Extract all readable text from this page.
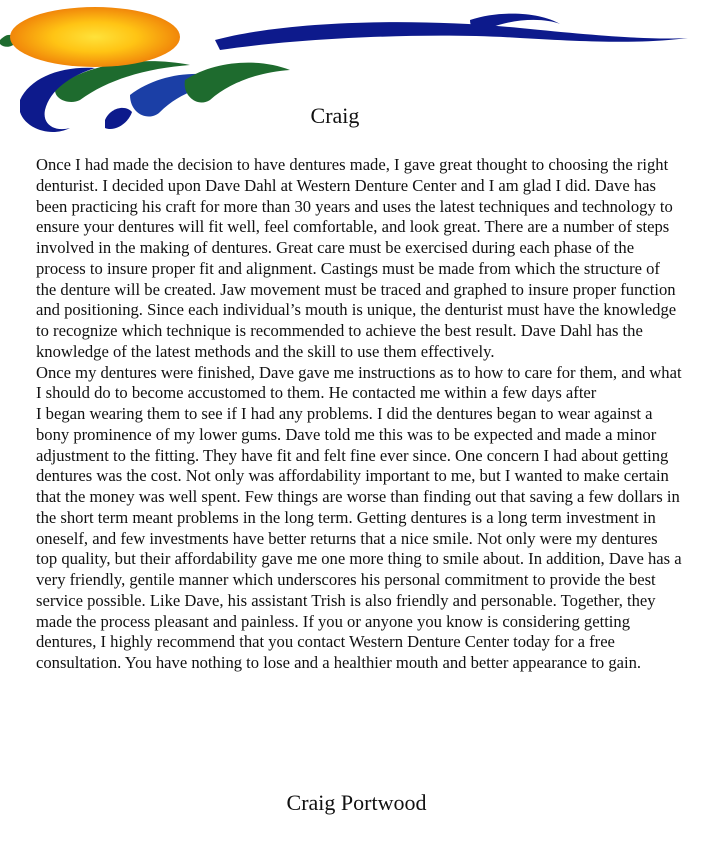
Craig

Once I had made the decision to have dentures made, I gave great thought to choosing the right denturist. I decided upon Dave Dahl at Western Denture Center and I am glad I did. Dave has been practicing his craft for more than 30 years and uses the latest techniques and technology to ensure your dentures will fit well, feel comfortable, and look great. There are a number of steps involved in the making of dentures. Great care must be exercised during each phase of the process to insure proper fit and alignment. Castings must be made from which the structure of the denture will be created. Jaw movement must be traced and graphed to insure proper function and positioning. Since each individual’s mouth is unique, the denturist must have the knowledge to recognize which technique is recommended to achieve the best result. Dave Dahl has the knowledge of the latest methods and the skill to use them effectively.

Once my dentures were finished, Dave gave me instructions as to how to care for them, and what I should do to become accustomed to them. He contacted me within a few days after

I began wearing them to see if I had any problems. I did the dentures began to wear against a bony prominence of my lower gums. Dave told me this was to be expected and made a minor adjustment to the fitting. They have fit and felt fine ever since. One concern I had about getting dentures was the cost. Not only was affordability important to me, but I wanted to make certain that the money was well spent. Few things are worse than finding out that saving a few dollars in the short term meant problems in the long term. Getting dentures is a long term investment in oneself, and few investments have better returns that a nice smile. Not only were my dentures top quality, but their affordability gave me one more thing to smile about. In addition, Dave has a very friendly, gentile manner which underscores his personal commitment to provide the best service possible. Like Dave, his assistant Trish is also friendly and personable. Together, they made the process pleasant and painless. If you or anyone you know is considering getting dentures, I highly recommend that you contact Western Denture Center today for a free consultation. You have nothing to lose and a healthier mouth and better appearance to gain.

Craig Portwood
